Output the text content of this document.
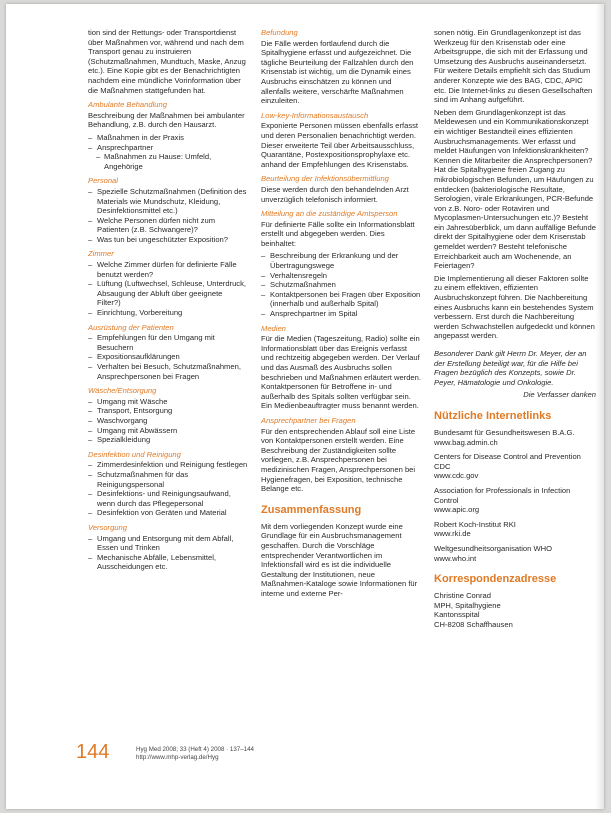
tion sind der Rettungs- oder Transportdienst über Maßnahmen vor, während und nach dem Transport genau zu instruieren (Schutzmaßnahmen, Mundtuch, Maske, Anzug etc.). Eine Kopie gibt es der Benachrichtigten nachdem eine mündliche Vorinformation über die Maßnahmen stattgefunden hat.

Ambulante Behandlung

Beschreibung der Maßnahmen bei ambulanter Behandlung, z.B. durch den Hausarzt.

– Maßnahmen in der Praxis
– Ansprechpartner
– Maßnahmen zu Hause: Umfeld, Angehörige
Personal
– Spezielle Schutzmaßnahmen (Definition des Materials wie Mundschutz, Kleidung, Desinfektionsmittel etc.)
– Welche Personen dürfen nicht zum Patienten (z.B. Schwangere)?
– Was tun bei ungeschützter Exposition?
Zimmer
– Welche Zimmer dürfen für definierte Fälle benutzt werden?
– Lüftung (Luftwechsel, Schleuse, Unterdruck, Absaugung der Abluft über geeignete Filter?)
– Einrichtung, Vorbereitung
Ausrüstung der Patienten
– Empfehlungen für den Umgang mit Besuchern
– Expositionsaufklärungen
– Verhalten bei Besuch, Schutzmaßnahmen, Ansprechpersonen bei Fragen
Wäsche/Entsorgung
– Umgang mit Wäsche
– Transport, Entsorgung
– Waschvorgang
– Umgang mit Abwässern
– Spezialkleidung
Desinfektion und Reinigung
– Zimmerdesinfektion und Reinigung festlegen
– Schutzmaßnahmen für das Reinigungspersonal
– Desinfektions- und Reinigungsaufwand, wenn durch das Pflegepersonal
– Desinfektion von Geräten und Material
Versorgung
– Umgang und Entsorgung mit dem Abfall, Essen und Trinken
– Mechanische Abfälle, Lebensmittel, Ausscheidungen etc.
Befundung

Die Fälle werden fortlaufend durch die Spitalhygiene erfasst und aufgezeichnet. Die tägliche Beurteilung der Fallzahlen durch den Krisenstab ist wichtig, um die Dynamik eines Ausbruchs einschätzen zu können und allenfalls weitere, verschärfte Maßnahmen einzuleiten.

Low-key-Informationsaustausch

Exponierte Personen müssen ebenfalls erfasst und deren Personalien benachrichtigt werden. Dieser erweiterte Teil über Arbeitsausschluss, Quarantäne, Postexpositionsprophylaxe etc. anhand der Empfehlungen des Krisenstabs.

Beurteilung der Infektionsübermittlung

Diese werden durch den behandelnden Arzt unverzüglich telefonisch informiert.

Mitteilung an die zuständige Amtsperson

Für definierte Fälle sollte ein Informationsblatt erstellt und abgegeben werden. Dies beinhaltet:

– Beschreibung der Erkrankung und der Übertragungswege
– Verhaltensregeln
– Schutzmaßnahmen
– Kontaktpersonen bei Fragen über Exposition (innerhalb und außerhalb Spital)
– Ansprechpartner im Spital
Medien

Für die Medien (Tageszeitung, Radio) sollte ein Informationsblatt über das Ereignis verfasst und rechtzeitig abgegeben werden. Der Verlauf und das Ausmaß des Ausbruchs sollen beschrieben und Maßnahmen erläutert werden. Kontaktpersonen für Betroffene in- und außerhalb des Spitals sollten verfügbar sein. Ein Medienbeauftragter muss benannt werden.

Ansprechpartner bei Fragen

Für den entsprechenden Ablauf soll eine Liste von Kontaktpersonen erstellt werden. Eine Beschreibung der Zuständigkeiten sollte vorliegen, z.B. Ansprechpersonen bei medizinischen Fragen, Ansprechpersonen bei Hygienefragen, bei Exposition, technische Belange etc.

Zusammenfassung

Mit dem vorliegenden Konzept wurde eine Grundlage für ein Ausbruchsmanagement geschaffen. Durch die Vorschläge entsprechender Verantwortlichen im Infektionsfall wird es ist die individuelle Gestaltung der Institutionen, neue Maßnahmen-Kataloge sowie Informationen für interne und externe Per-

sonen nötig. Ein Grundlagenkonzept ist das Werkzeug für den Krisenstab oder eine Arbeitsgruppe, die sich mit der Erfassung und Umsetzung des Ausbruchs auseinandersetzt. Für weitere Details empfiehlt sich das Studium anderer Konzepte wie des BAG, CDC, APIC etc. Die Internet-links zu diesen Gesellschaften sind im Anhang aufgeführt.

Neben dem Grundlagenkonzept ist das Meldewesen und ein Kommunikationskonzept ein wichtiger Bestandteil eines effizienten Ausbruchsmanagements. Wer erfasst und meldet Häufungen von Infektionskrankheiten? Kennen die Mitarbeiter die Ansprechpersonen? Hat die Spitalhygiene freien Zugang zu mikrobiologischen Befunden, um Häufungen zu entdecken (bakteriologische Resultate, Serologien, virale Erkrankungen, PCR-Befunde von z.B. Noro- oder Rotaviren und Mycoplasmen-Untersuchungen etc.)? Besteht ein Jahresüberblick, um dann auffällige Befunde direkt der Spitalhygiene oder dem Krisenstab gemeldet werden? Besteht telefonische Erreichbarkeit auch am Wochenende, an Feiertagen?

Die Implementierung all dieser Faktoren sollte zu einem effektiven, effizienten Ausbruchskonzept führen. Die Nachbereitung eines Ausbruchs kann ein bestehendes System verbessern. Erst durch die Nachbereitung werden Schwachstellen aufgedeckt und können angepasst werden.

Besonderer Dank gilt Herrn Dr. Meyer, der an der Erstellung beteiligt war, für die Hilfe bei Fragen bezüglich des Konzepts, sowie Dr. Peyer, Hämatologie und Onkologie.

Die Verfasser danken

Nützliche Internetlinks
Bundesamt für Gesundheitswesen B.A.G.
www.bag.admin.ch
Centers for Disease Control and Prevention CDC
www.cdc.gov
Association for Professionals in Infection Control
www.apic.org
Robert Koch-Institut RKI
www.rki.de
Weltgesundheitsorganisation WHO
www.who.int
Korrespondenzadresse

Christine Conrad

MPH, Spitalhygiene

Kantonsspital

CH-8208 Schaffhausen

144	Hyg Med 2008; 33 (Heft 4) 2008 · 137–144
http://www.mhp-verlag.de/Hyg
